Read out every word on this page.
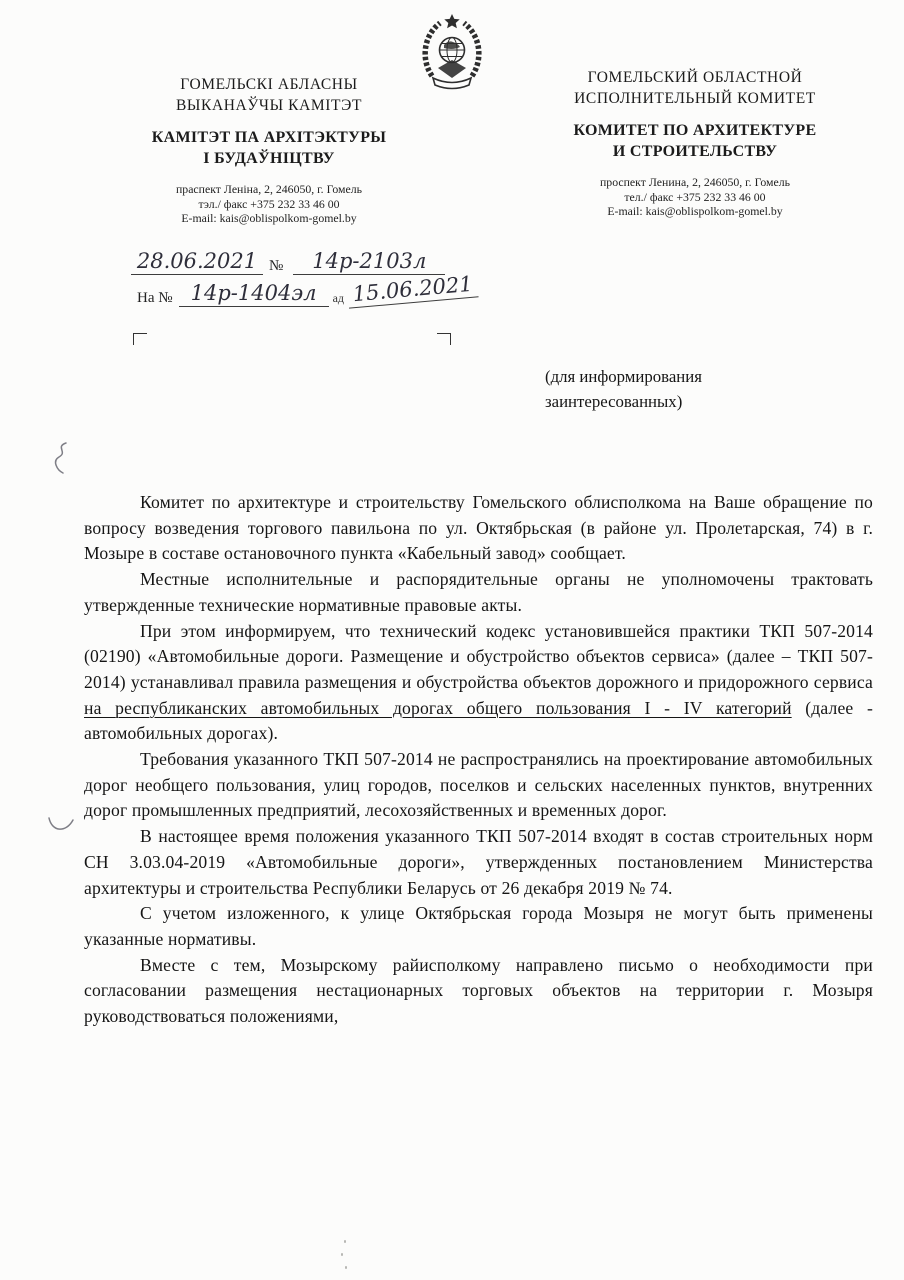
ГОМЕЛЬСКІ АБЛАСНЫ
ВЫКАНАЎЧЫ КАМІТЭТ
КАМІТЭТ ПА АРХІТЭКТУРЫ
І БУДАЎНІЦТВУ
праспект Леніна, 2, 246050, г. Гомель
тэл./ факс +375 232 33 46 00
E-mail: kais@oblispolkom-gomel.by
ГОМЕЛЬСКИЙ ОБЛАСТНОЙ
ИСПОЛНИТЕЛЬНЫЙ КОМИТЕТ
КОМИТЕТ ПО АРХИТЕКТУРЕ
И СТРОИТЕЛЬСТВУ
проспект Ленина, 2, 246050, г. Гомель
тел./ факс +375 232 33 46 00
E-mail: kais@oblispolkom-gomel.by
28.06.2021 №	14р-2103л
На № 14р-1404эл	ад 15.06.2021
(для информирования
заинтересованных)

Комитет по архитектуре и строительству Гомельского облисполкома на Ваше обращение по вопросу возведения торгового павильона по ул. Октябрьская (в районе ул. Пролетарская, 74) в г. Мозыре в составе остановочного пункта «Кабельный завод» сообщает.

Местные исполнительные и распорядительные органы не уполномочены трактовать утвержденные технические нормативные правовые акты.

При этом информируем, что технический кодекс установившейся практики ТКП 507-2014 (02190) «Автомобильные дороги. Размещение и обустройство объектов сервиса» (далее – ТКП 507-2014) устанавливал правила размещения и обустройства объектов дорожного и придорожного сервиса на республиканских автомобильных дорогах общего пользования I - IV категорий (далее - автомобильных дорогах).

Требования указанного ТКП 507-2014 не распространялись на проектирование автомобильных дорог необщего пользования, улиц городов, поселков и сельских населенных пунктов, внутренних дорог промышленных предприятий, лесохозяйственных и временных дорог.

В настоящее время положения указанного ТКП 507-2014 входят в состав строительных норм СН 3.03.04-2019 «Автомобильные дороги», утвержденных постановлением Министерства архитектуры и строительства Республики Беларусь от 26 декабря 2019 № 74.

С учетом изложенного, к улице Октябрьская города Мозыря не могут быть применены указанные нормативы.

Вместе с тем, Мозырскому райисполкому направлено письмо о необходимости при согласовании размещения нестационарных торговых объектов на территории г. Мозыря руководствоваться положениями,
